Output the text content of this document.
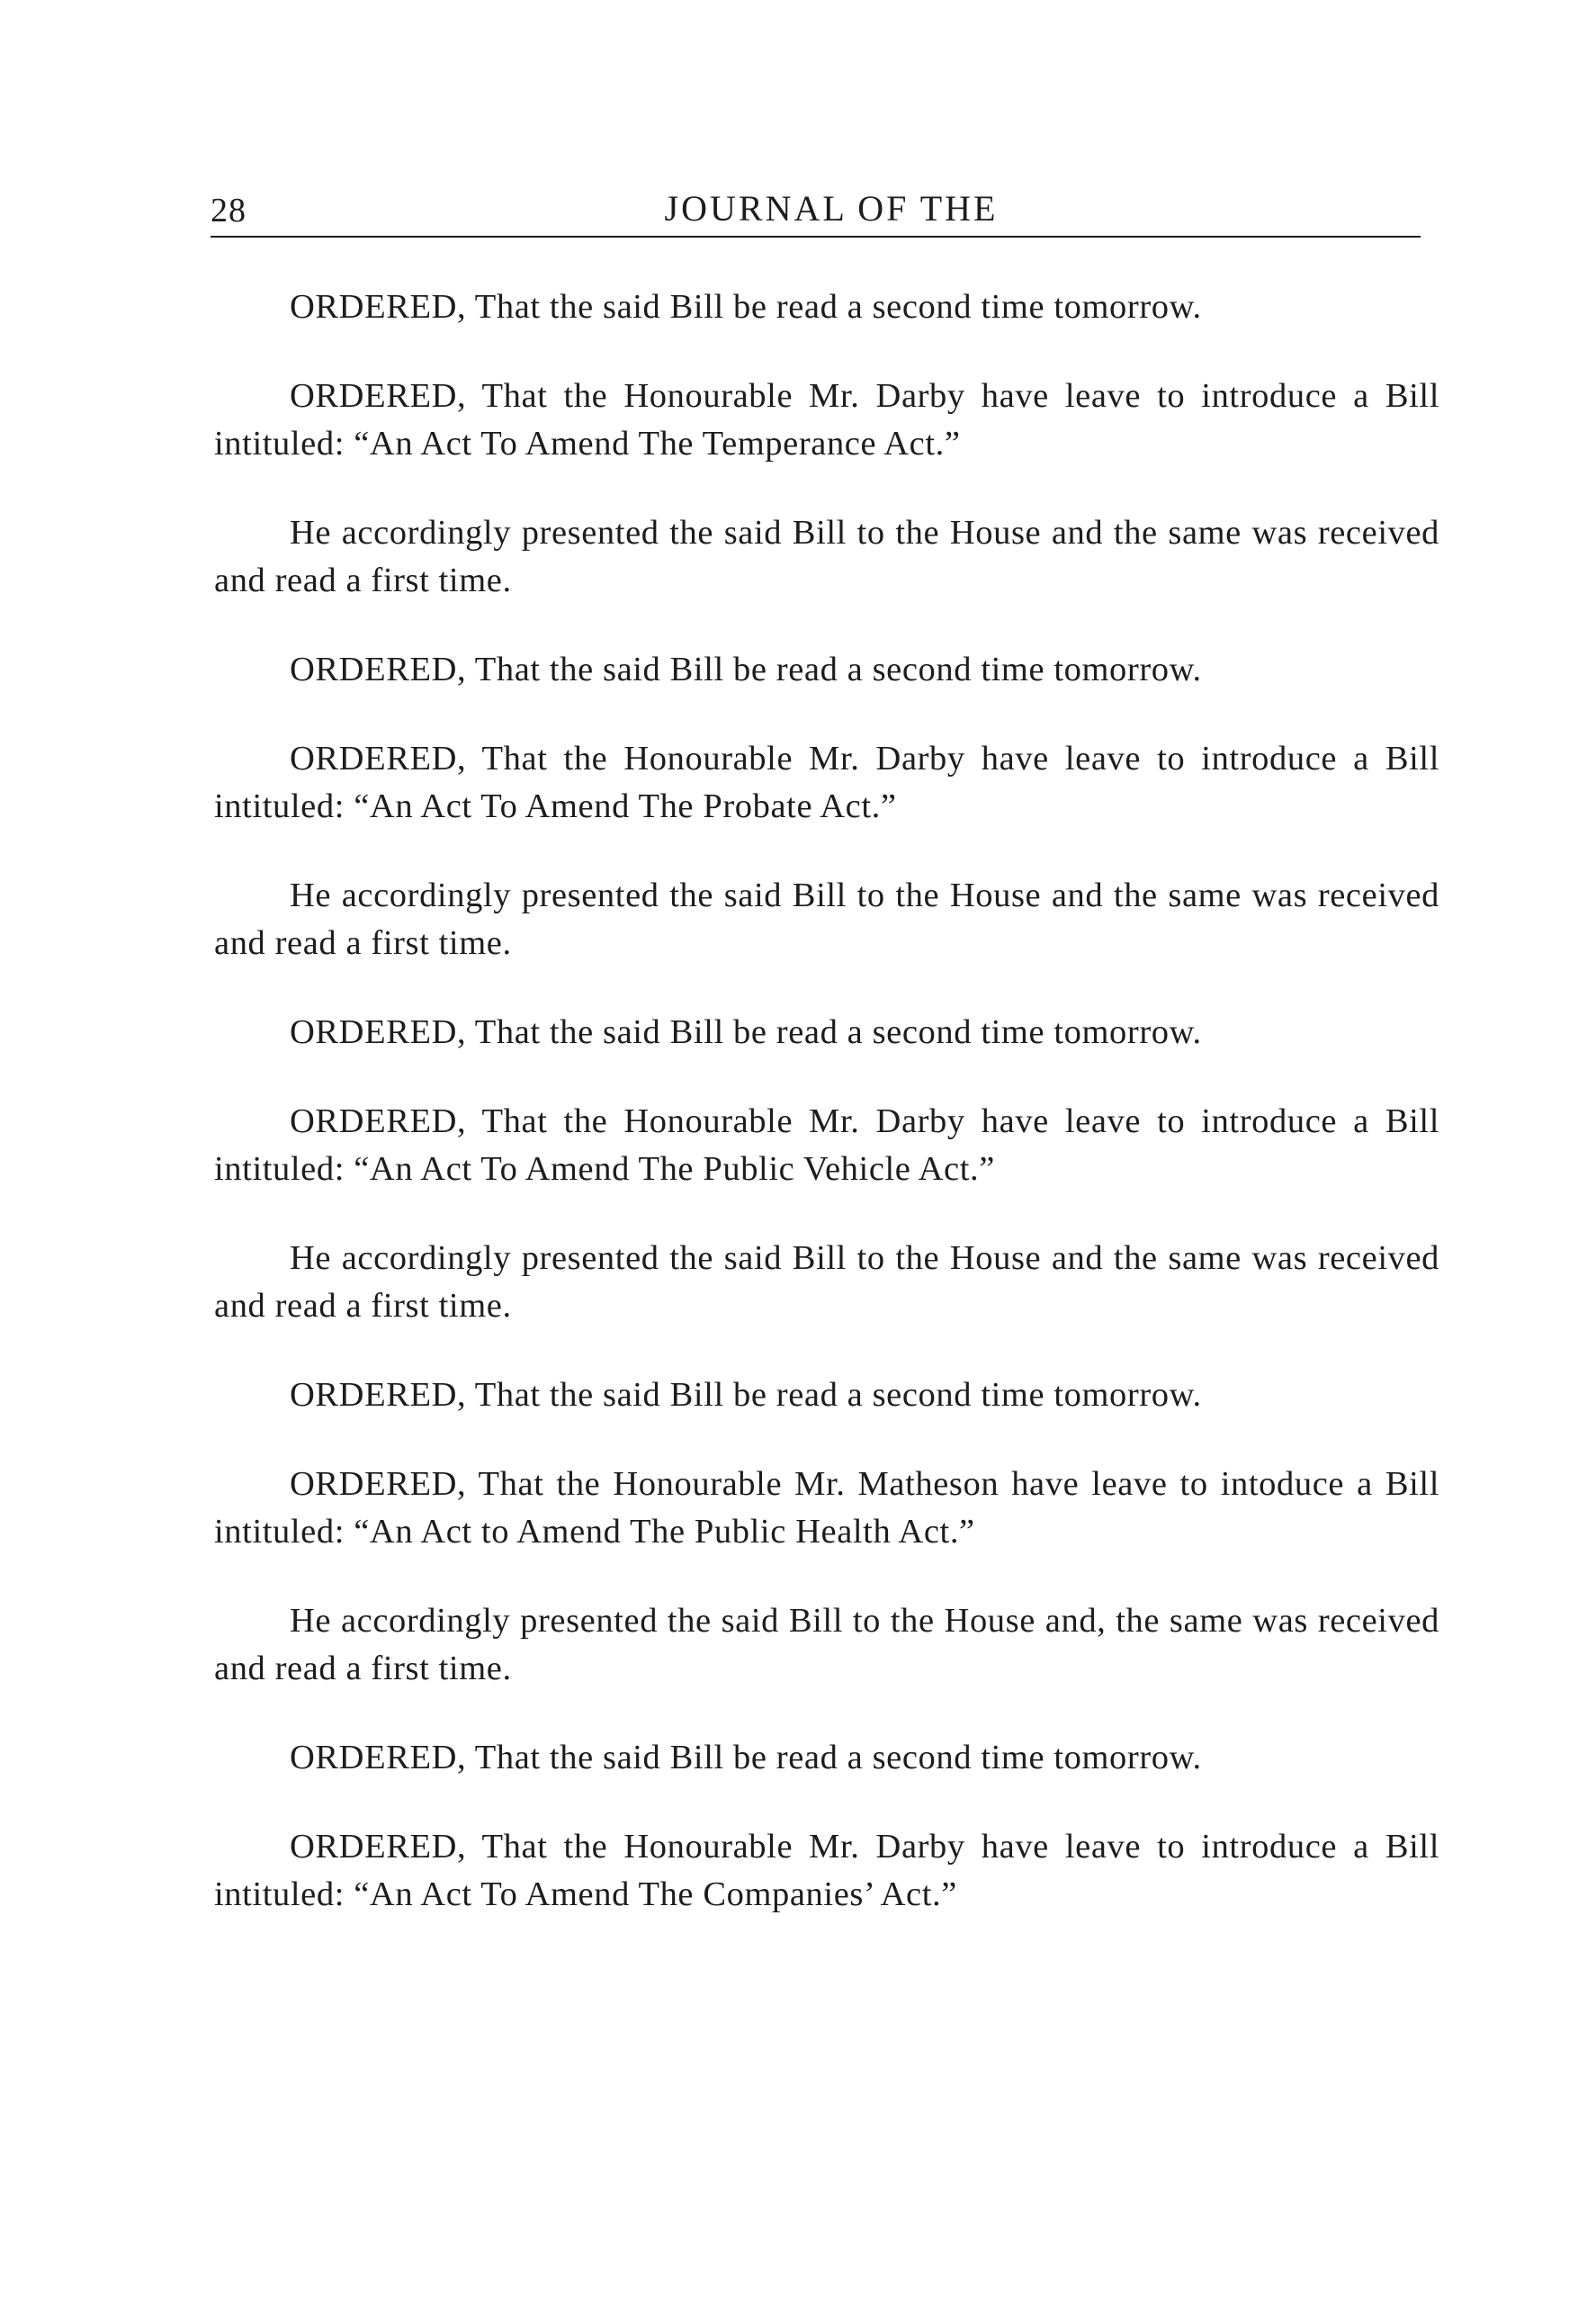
28	JOURNAL OF THE

ORDERED, That the said Bill be read a second time tomorrow.

ORDERED, That the Honourable Mr. Darby have leave to introduce a Bill intituled: “An Act To Amend The Temperance Act.”

He accordingly presented the said Bill to the House and the same was received and read a first time.

ORDERED, That the said Bill be read a second time tomorrow.

ORDERED, That the Honourable Mr. Darby have leave to introduce a Bill intituled: “An Act To Amend The Probate Act.”

He accordingly presented the said Bill to the House and the same was received and read a first time.

ORDERED, That the said Bill be read a second time tomorrow.

ORDERED, That the Honourable Mr. Darby have leave to introduce a Bill intituled: “An Act To Amend The Public Vehicle Act.”

He accordingly presented the said Bill to the House and the same was received and read a first time.

ORDERED, That the said Bill be read a second time tomorrow.

ORDERED, That the Honourable Mr. Matheson have leave to intoduce a Bill intituled: “An Act to Amend The Public Health Act.”

He accordingly presented the said Bill to the House and, the same was received and read a first time.

ORDERED, That the said Bill be read a second time tomorrow.

ORDERED, That the Honourable Mr. Darby have leave to introduce a Bill intituled: “An Act To Amend The Companies’ Act.”
